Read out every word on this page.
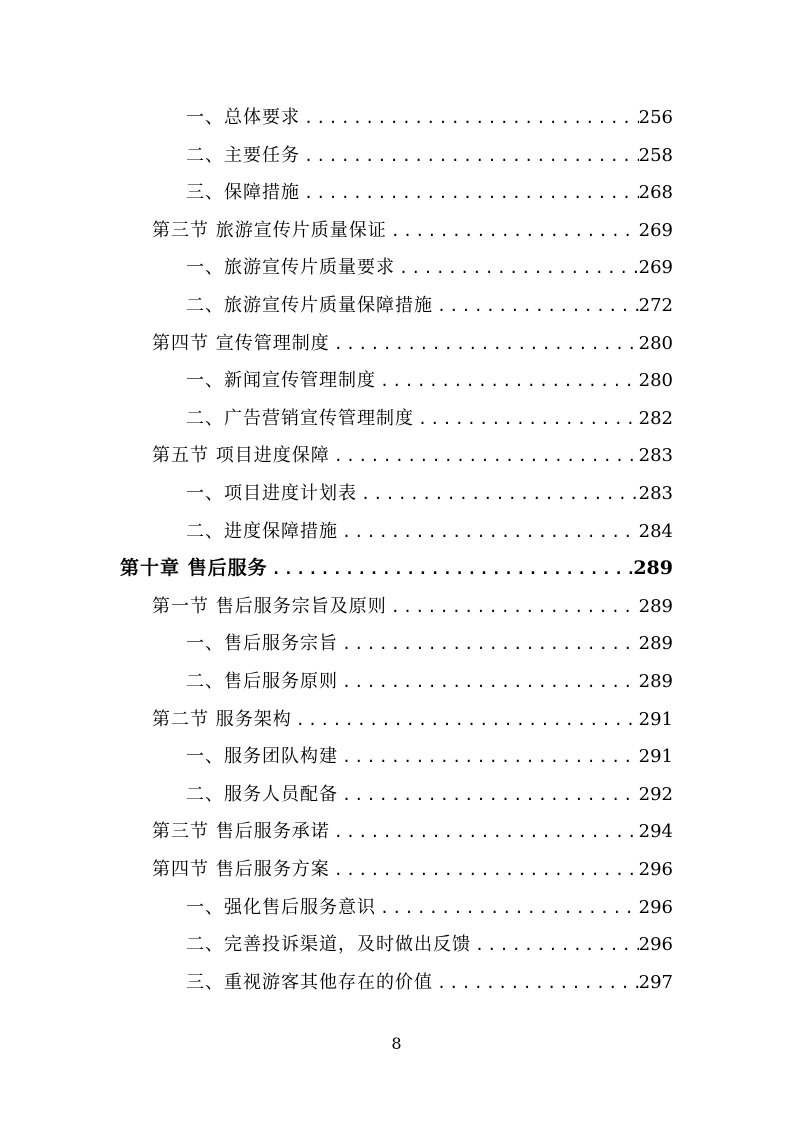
一、总体要求 .....	256
二、主要任务 .....	258
三、保障措施 .....	268
第三节 旅游宣传片质量保证 .....	269
一、旅游宣传片质量要求 .....	269
二、旅游宣传片质量保障措施 .....	272
第四节 宣传管理制度 .....	280
一、新闻宣传管理制度 .....	280
二、广告营销宣传管理制度 .....	282
第五节 项目进度保障 .....	283
一、项目进度计划表 .....	283
二、进度保障措施 .....	284
第十章 售后服务 .....	289
第一节 售后服务宗旨及原则 .....	289
一、售后服务宗旨 .....	289
二、售后服务原则 .....	289
第二节 服务架构 .....	291
一、服务团队构建 .....	291
二、服务人员配备 .....	292
第三节 售后服务承诺 .....	294
第四节 售后服务方案 .....	296
一、强化售后服务意识 .....	296
二、完善投诉渠道，及时做出反馈 .....	296
三、重视游客其他存在的价值 .....	297
8
